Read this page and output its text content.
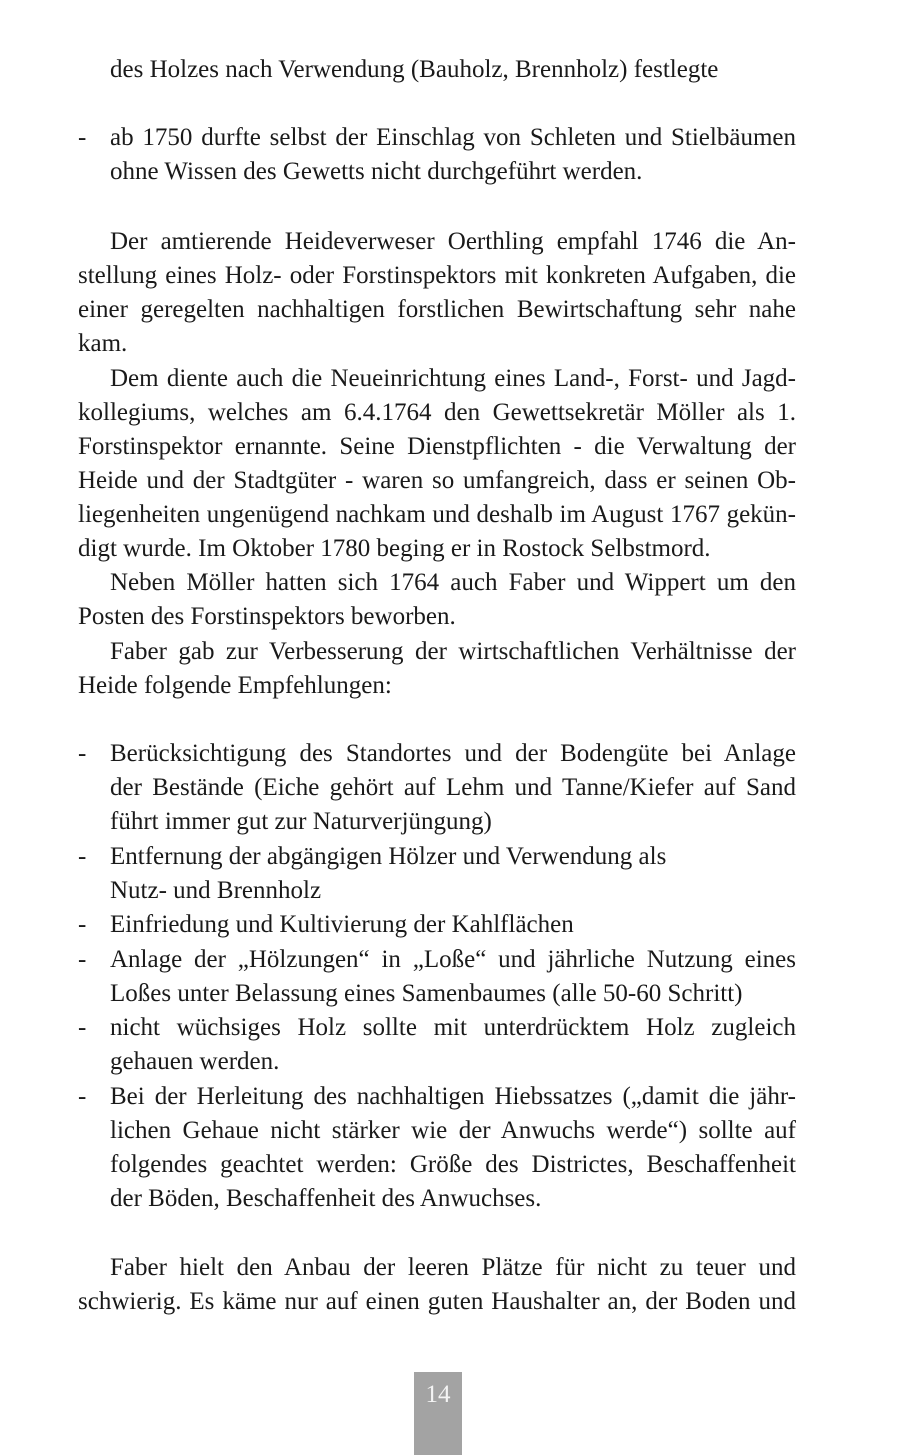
des Holzes nach Verwendung (Bauholz, Brennholz) festlegte
- ab 1750 durfte selbst der Einschlag von Schleten und Stielbäumen
ohne Wissen des Gewetts nicht durchgeführt werden.
Der amtierende Heideverweser Oerthling empfahl 1746 die An-
stellung eines Holz- oder Forstinspektors mit konkreten Aufgaben, die
einer geregelten nachhaltigen forstlichen Bewirtschaftung sehr nahe
kam.
Dem diente auch die Neueinrichtung eines Land-, Forst- und Jagd-
kollegiums, welches am 6.4.1764 den Gewettsekretär Möller als 1.
Forstinspektor ernannte. Seine Dienstpflichten - die Verwaltung der
Heide und der Stadtgüter - waren so umfangreich, dass er seinen Ob-
liegenheiten ungenügend nachkam und deshalb im August 1767 gekün-
digt wurde. Im Oktober 1780 beging er in Rostock Selbstmord.
Neben Möller hatten sich 1764 auch Faber und Wippert um den
Posten des Forstinspektors beworben.
Faber gab zur Verbesserung der wirtschaftlichen Verhältnisse der
Heide folgende Empfehlungen:
- Berücksichtigung des Standortes und der Bodengüte bei Anlage
der Bestände (Eiche gehört auf Lehm und Tanne/Kiefer auf Sand
führt immer gut zur Naturverjüngung)
- Entfernung der abgängigen Hölzer und Verwendung als
Nutz- und Brennholz
- Einfriedung und Kultivierung der Kahlflächen
- Anlage der „Hölzungen“ in „Loße“ und jährliche Nutzung eines
Loßes unter Belassung eines Samenbaumes (alle 50-60 Schritt)
- nicht wüchsiges Holz sollte mit unterdrücktem Holz zugleich
gehauen werden.
- Bei der Herleitung des nachhaltigen Hiebssatzes („damit die jähr-
lichen Gehaue nicht stärker wie der Anwuchs werde“) sollte auf
folgendes geachtet werden: Größe des Districtes, Beschaffenheit
der Böden, Beschaffenheit des Anwuchses.
Faber hielt den Anbau der leeren Plätze für nicht zu teuer und
schwierig. Es käme nur auf einen guten Haushalter an, der Boden und
14
